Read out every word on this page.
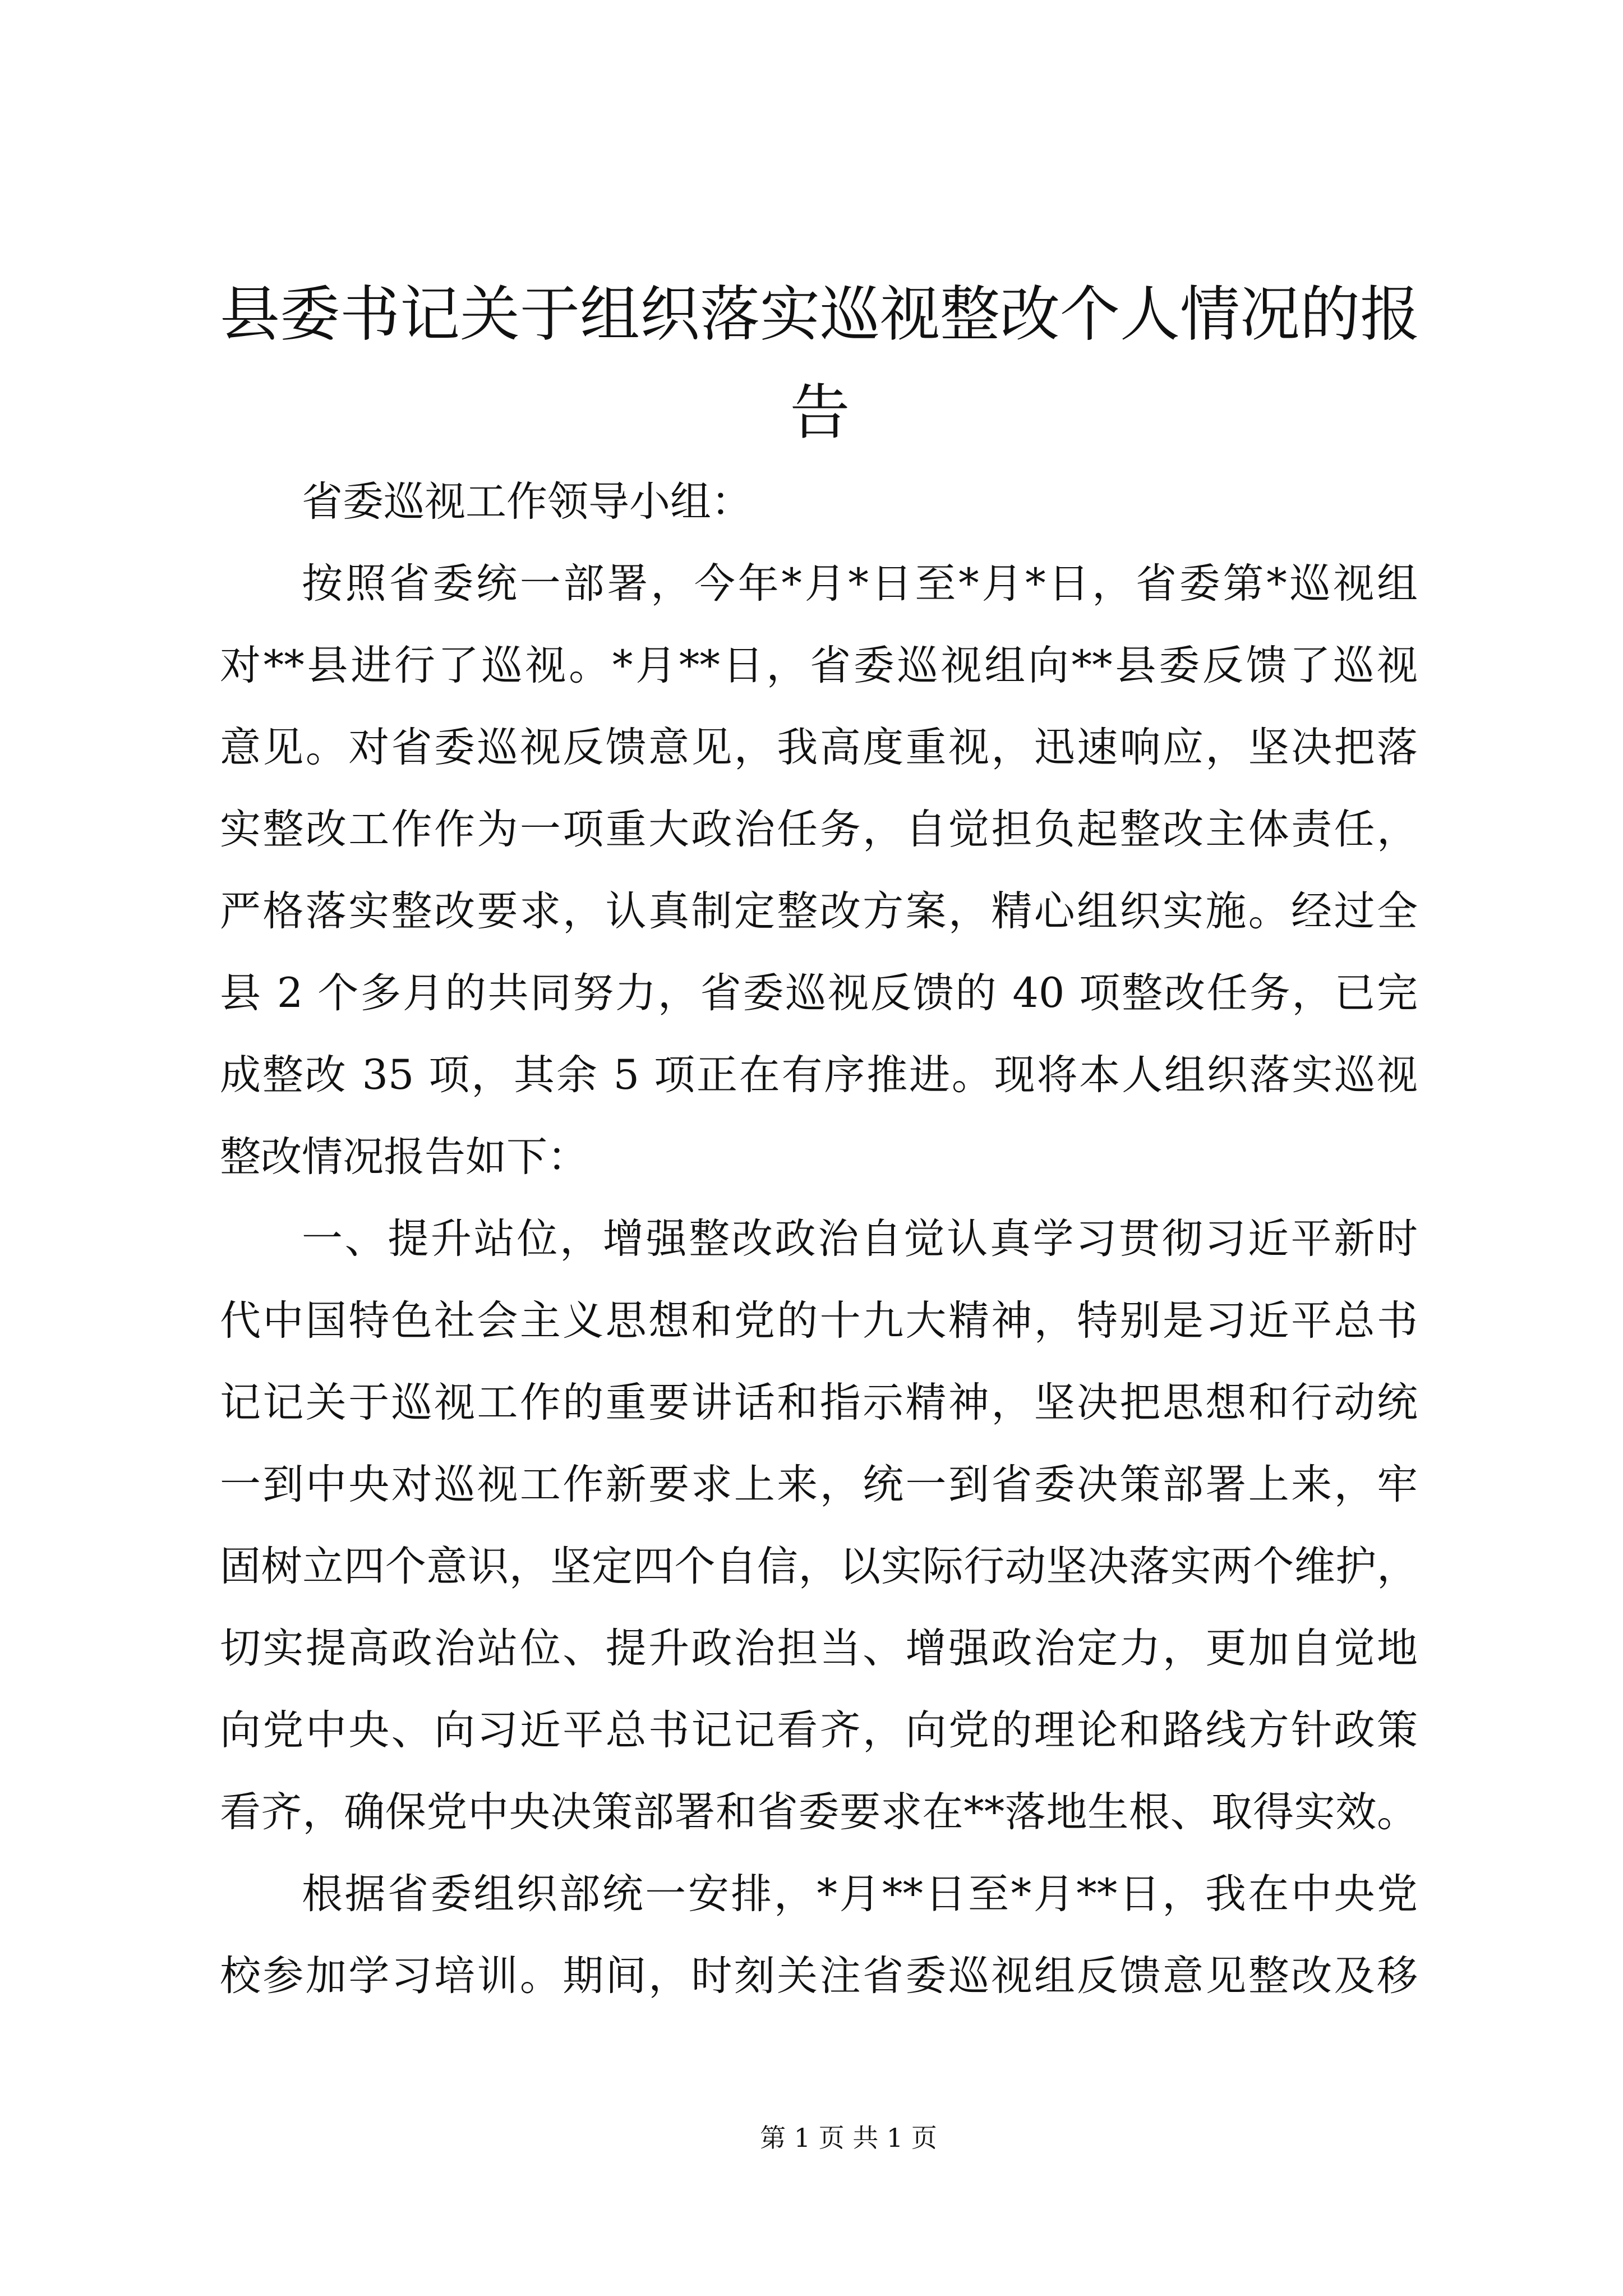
县委书记关于组织落实巡视整改个人情况的报告
省委巡视工作领导小组：
按照省委统一部署，今年*月*日至*月*日，省委第*巡视组
对**县进行了巡视。*月**日，省委巡视组向**县委反馈了巡视
意见。对省委巡视反馈意见，我高度重视，迅速响应，坚决把落
实整改工作作为一项重大政治任务，自觉担负起整改主体责任，
严格落实整改要求，认真制定整改方案，精心组织实施。经过全
县 2 个多月的共同努力，省委巡视反馈的 40 项整改任务，已完
成整改 35 项，其余 5 项正在有序推进。现将本人组织落实巡视
整改情况报告如下：
一、提升站位，增强整改政治自觉认真学习贯彻习近平新时
代中国特色社会主义思想和党的十九大精神，特别是习近平总书
记记关于巡视工作的重要讲话和指示精神，坚决把思想和行动统
一到中央对巡视工作新要求上来，统一到省委决策部署上来，牢
固树立四个意识，坚定四个自信，以实际行动坚决落实两个维护，
切实提高政治站位、提升政治担当、增强政治定力，更加自觉地
向党中央、向习近平总书记记看齐，向党的理论和路线方针政策
看齐，确保党中央决策部署和省委要求在**落地生根、取得实效。
根据省委组织部统一安排，*月**日至*月**日，我在中央党
校参加学习培训。期间，时刻关注省委巡视组反馈意见整改及移
第 1 页 共 1 页
